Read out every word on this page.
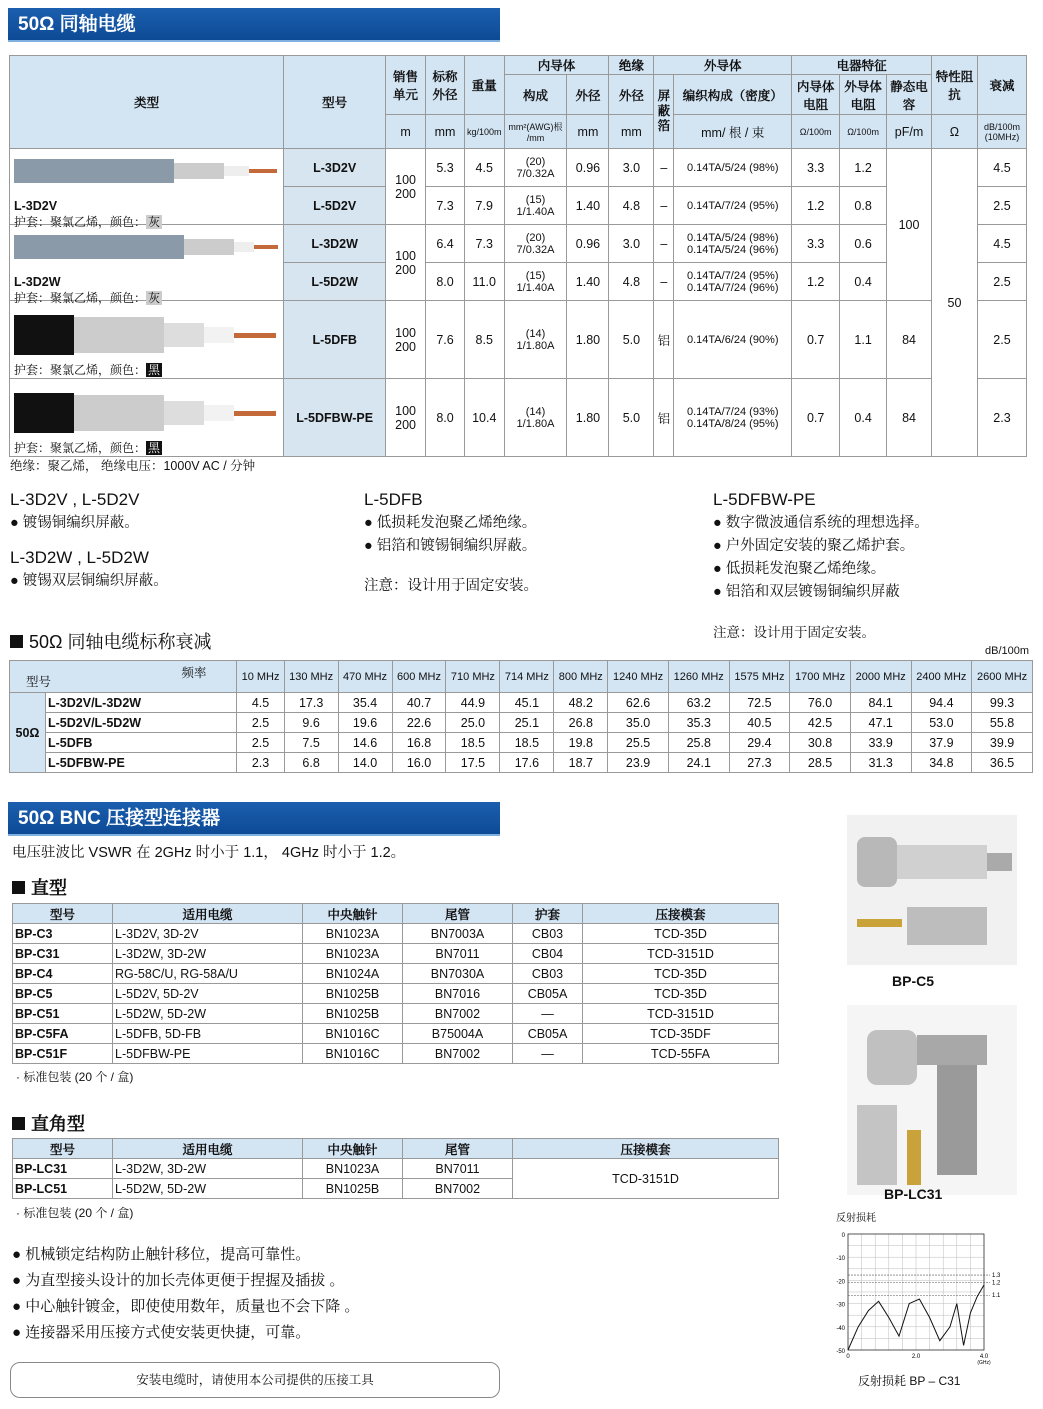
50Ω 同轴电缆
类型	型号	销售单元	标称外径	重量	内导体		绝缘	外导体		电器特征			特性阻抗	衰减
					构成	外径	外径	屏蔽箔	编织构成（密度）	内导体电阻	外导体电阻	静态电容		
		m	mm	kg/100m	mm²(AWG)根 /mm	mm	mm		mm/ 根 / 束	Ω/100m	Ω/100m	pF/m	Ω	dB/100m (10MHz)

L-3D2V
护套：聚氯乙烯，颜色： 灰	L-3D2V	100 200	5.3	4.5	(20) 7/0.32A	0.96	3.0	–	0.14TA/5/24 (98%)	3.3	1.2	100	50	4.5
	L-5D2V		7.3	7.9	(15) 1/1.40A	1.40	4.8	–	0.14TA/7/24 (95%)	1.2	0.8			2.5

L-3D2W
护套：聚氯乙烯，颜色： 灰	L-3D2W	100 200	6.4	7.3	(20) 7/0.32A	0.96	3.0	–	0.14TA/5/24 (98%) 0.14TA/5/24 (96%)	3.3	0.6			4.5
	L-5D2W		8.0	11.0	(15) 1/1.40A	1.40	4.8	–	0.14TA/7/24 (95%) 0.14TA/7/24 (96%)	1.2	0.4			2.5

护套：聚氯乙烯，颜色： 黑	L-5DFB	100 200	7.6	8.5	(14) 1/1.80A	1.80	5.0	铝	0.14TA/6/24 (90%)	0.7	1.1	84		2.5

护套：聚氯乙烯，颜色： 黑	L-5DFBW-PE	100 200	8.0	10.4	(14) 1/1.80A	1.80	5.0	铝	0.14TA/7/24 (93%) 0.14TA/8/24 (95%)	0.7	0.4	84		2.3
绝缘：聚乙烯， 绝缘电压：1000V AC / 分钟
L-3D2V , L-5D2V
● 镀锡铜编织屏蔽。
L-3D2W , L-5D2W
● 镀锡双层铜编织屏蔽。
L-5DFB
● 低损耗发泡聚乙烯绝缘。
● 铝箔和镀锡铜编织屏蔽。
注意：设计用于固定安装。
L-5DFBW-PE
● 数字微波通信系统的理想选择。
● 户外固定安装的聚乙烯护套。
● 低损耗发泡聚乙烯绝缘。
● 铝箔和双层镀锡铜编织屏蔽
注意：设计用于固定安装。
50Ω 同轴电缆标称衰减	dB/100m
频率
型号		10 MHz	130 MHz	470 MHz	600 MHz	710 MHz	714 MHz	800 MHz	1240 MHz	1260 MHz	1575 MHz	1700 MHz	2000 MHz	2400 MHz	2600 MHz
50Ω	L-3D2V/L-3D2W	4.5	17.3	35.4	40.7	44.9	45.1	48.2	62.6	63.2	72.5	76.0	84.1	94.4	99.3
	L-5D2V/L-5D2W	2.5	9.6	19.6	22.6	25.0	25.1	26.8	35.0	35.3	40.5	42.5	47.1	53.0	55.8
	L-5DFB	2.5	7.5	14.6	16.8	18.5	18.5	19.8	25.5	25.8	29.4	30.8	33.9	37.9	39.9
	L-5DFBW-PE	2.3	6.8	14.0	16.0	17.5	17.6	18.7	23.9	24.1	27.3	28.5	31.3	34.8	36.5
50Ω BNC 压接型连接器
电压驻波比 VSWR 在 2GHz 时小于 1.1， 4GHz 时小于 1.2。
直型
型号	适用电缆	中央触针	尾管	护套	压接模套
BP-C3	L-3D2V, 3D-2V	BN1023A	BN7003A	CB03	TCD-35D
BP-C31	L-3D2W, 3D-2W	BN1023A	BN7011	CB04	TCD-3151D
BP-C4	RG-58C/U, RG-58A/U	BN1024A	BN7030A	CB03	TCD-35D
BP-C5	L-5D2V, 5D-2V	BN1025B	BN7016	CB05A	TCD-35D
BP-C51	L-5D2W, 5D-2W	BN1025B	BN7002	—	TCD-3151D
BP-C5FA	L-5DFB, 5D-FB	BN1016C	B75004A	CB05A	TCD-35DF
BP-C51F	L-5DFBW-PE	BN1016C	BN7002	—	TCD-55FA
· 标准包装 (20 个 / 盒)
直角型
型号	适用电缆	中央触针	尾管	压接模套
BP-LC31	L-3D2W, 3D-2W	BN1023A	BN7011	TCD-3151D
BP-LC51	L-5D2W, 5D-2W	BN1025B	BN7002	
· 标准包装 (20 个 / 盒)
● 机械锁定结构防止触针移位，提高可靠性。
● 为直型接头设计的加长壳体更便于捏握及插拔 。
● 中心触针镀金，即使使用数年，质量也不会下降 。
● 连接器采用压接方式使安装更快捷，可靠。
安装电缆时，请使用本公司提供的压接工具
BP-C5
BP-LC31
反射损耗
0
-10
-20
-30
-40
-50
0	2.0	4.0
(GHz)
1.3
1.2
1.1
反射损耗 BP – C31
